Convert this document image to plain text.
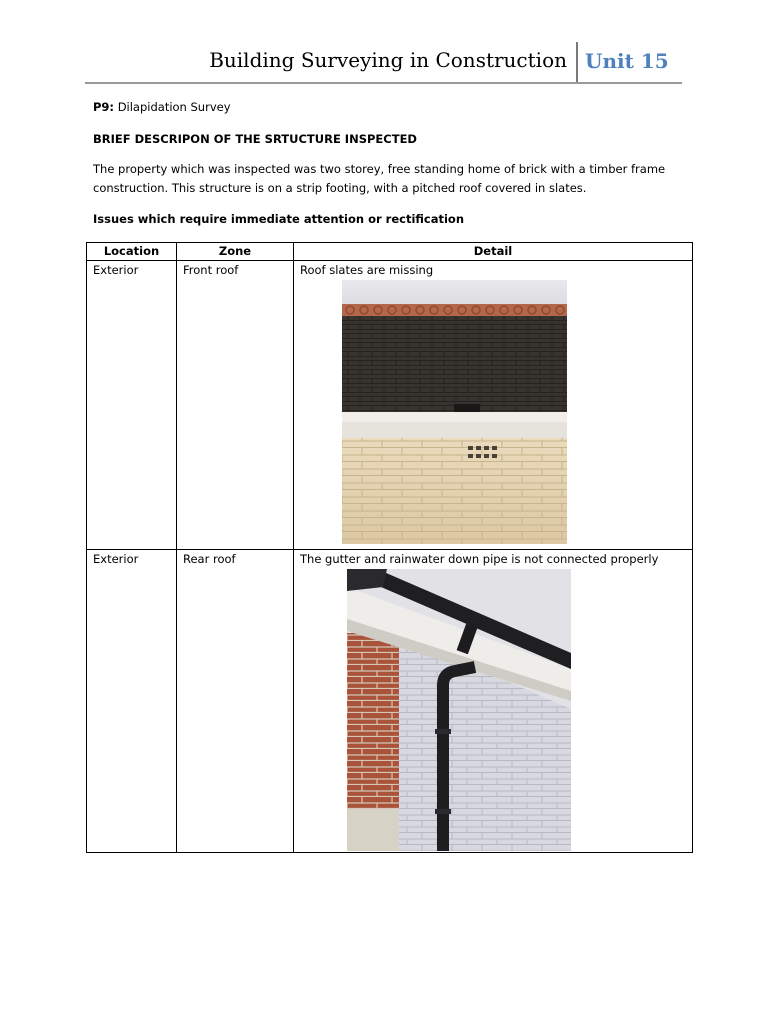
Building Surveying in Construction Unit 15
P9: Dilapidation Survey
BRIEF DESCRIPON OF THE SRTUCTURE INSPECTED
The property which was inspected was two storey, free standing home of brick with a timber frame construction. This structure is on a strip footing, with a pitched roof covered in slates.
Issues which require immediate attention or rectification
Location	Zone	Detail

Exterior	Front roof	Roof slates are missing

Exterior	Rear roof	The gutter and rainwater down pipe is not connected properly
